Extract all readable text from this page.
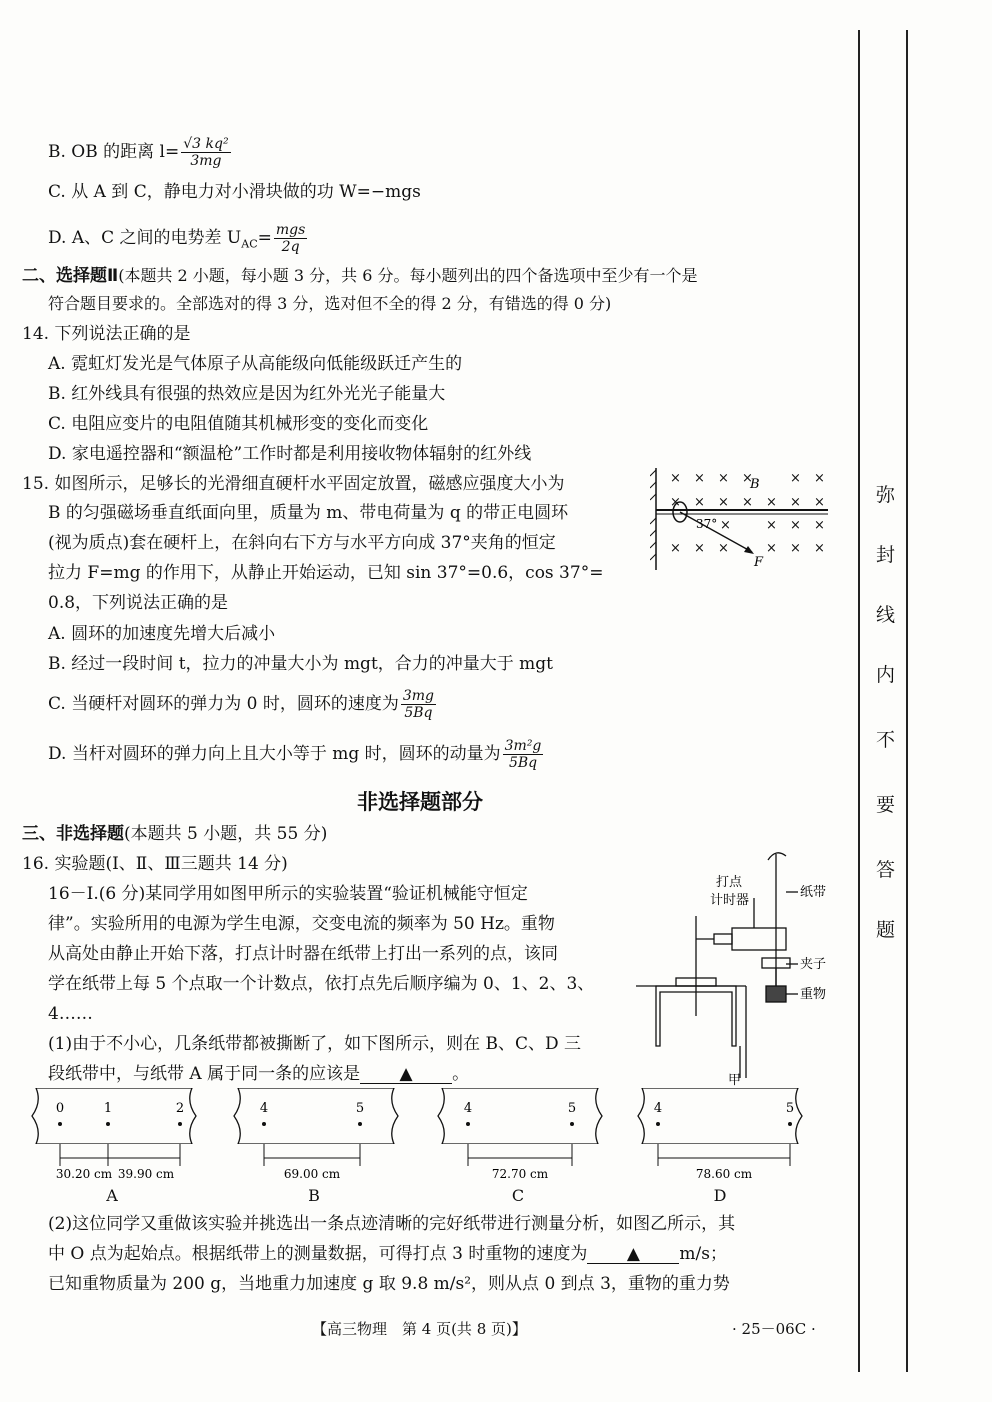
弥
封
线
内
不
要
答
题
B. OB 的距离 $l= \frac{\text{√3 kq²}}{3mg}$
C. 从 A 到 C，静电力对小滑块做的功 W=−mgs
D. A、C 之间的电势差 $U_{AC}= \frac{\text{mgs}}{2q}$
二、选择题Ⅱ(本题共 2 小题，每小题 3 分，共 6 分。每小题列出的四个备选项中至少有一个是
符合题目要求的。全部选对的得 3 分，选对但不全的得 2 分，有错选的得 0 分)
14. 下列说法正确的是
A. 霓虹灯发光是气体原子从高能级向低能级跃迁产生的
B. 红外线具有很强的热效应是因为红外光光子能量大
C. 电阻应变片的电阻值随其机械形变的变化而变化
D. 家电遥控器和“额温枪”工作时都是利用接收物体辐射的红外线
15. 如图所示，足够长的光滑细直硬杆水平固定放置，磁感应强度大小为
B 的匀强磁场垂直纸面向里，质量为 m、带电荷量为 q 的带正电圆环
(视为质点)套在硬杆上，在斜向右下方与水平方向成 37°夹角的恒定
拉力 F=mg 的作用下，从静止开始运动，已知 sin 37°=0.6，cos 37°=
0.8，下列说法正确的是
A. 圆环的加速度先增大后减小
B. 经过一段时间 t，拉力的冲量大小为 mgt，合力的冲量大于 mgt
C. 当硬杆对圆环的弹力为 0 时，圆环的速度为 $\frac{3mg}{5Bq}$
D. 当杆对圆环的弹力向上且大小等于 mg 时，圆环的动量为 $\frac{\text{3m²g}}{5Bq}$
× × × ×	× ×
× × × × × × ×
×	× × ×
× × ×	× × ×
B
37°
F
非选择题部分
三、非选择题(本题共 5 小题，共 55 分)
16. 实验题(Ⅰ、Ⅱ、Ⅲ三题共 14 分)
16－Ⅰ.(6 分)某同学用如图甲所示的实验装置“验证机械能守恒定
律”。实验所用的电源为学生电源，交变电流的频率为 50 Hz。重物
从高处由静止开始下落，打点计时器在纸带上打出一系列的点，该同
学在纸带上每 5 个点取一个计数点，依打点先后顺序编为 0、1、2、3、
4……
(1)由于不小心，几条纸带都被撕断了，如下图所示，则在 B、C、D 三
段纸带中，与纸带 A 属于同一条的应该是 ▲ 。
打点
计时器
纸带
夹子
重物
甲
0	1	2
30.20 cm 39.90 cm
A
4	5
69.00 cm
B
4	5
72.70 cm
C
4	5
78.60 cm
D
(2)这位同学又重做该实验并挑选出一条点迹清晰的完好纸带进行测量分析，如图乙所示，其
中 O 点为起始点。根据纸带上的测量数据，可得打点 3 时重物的速度为 ▲ m/s；
已知重物质量为 200 g，当地重力加速度 g 取 9.8 m/s²，则从点 0 到点 3，重物的重力势
【高三物理　第 4 页(共 8 页)】	· 25－06C ·
